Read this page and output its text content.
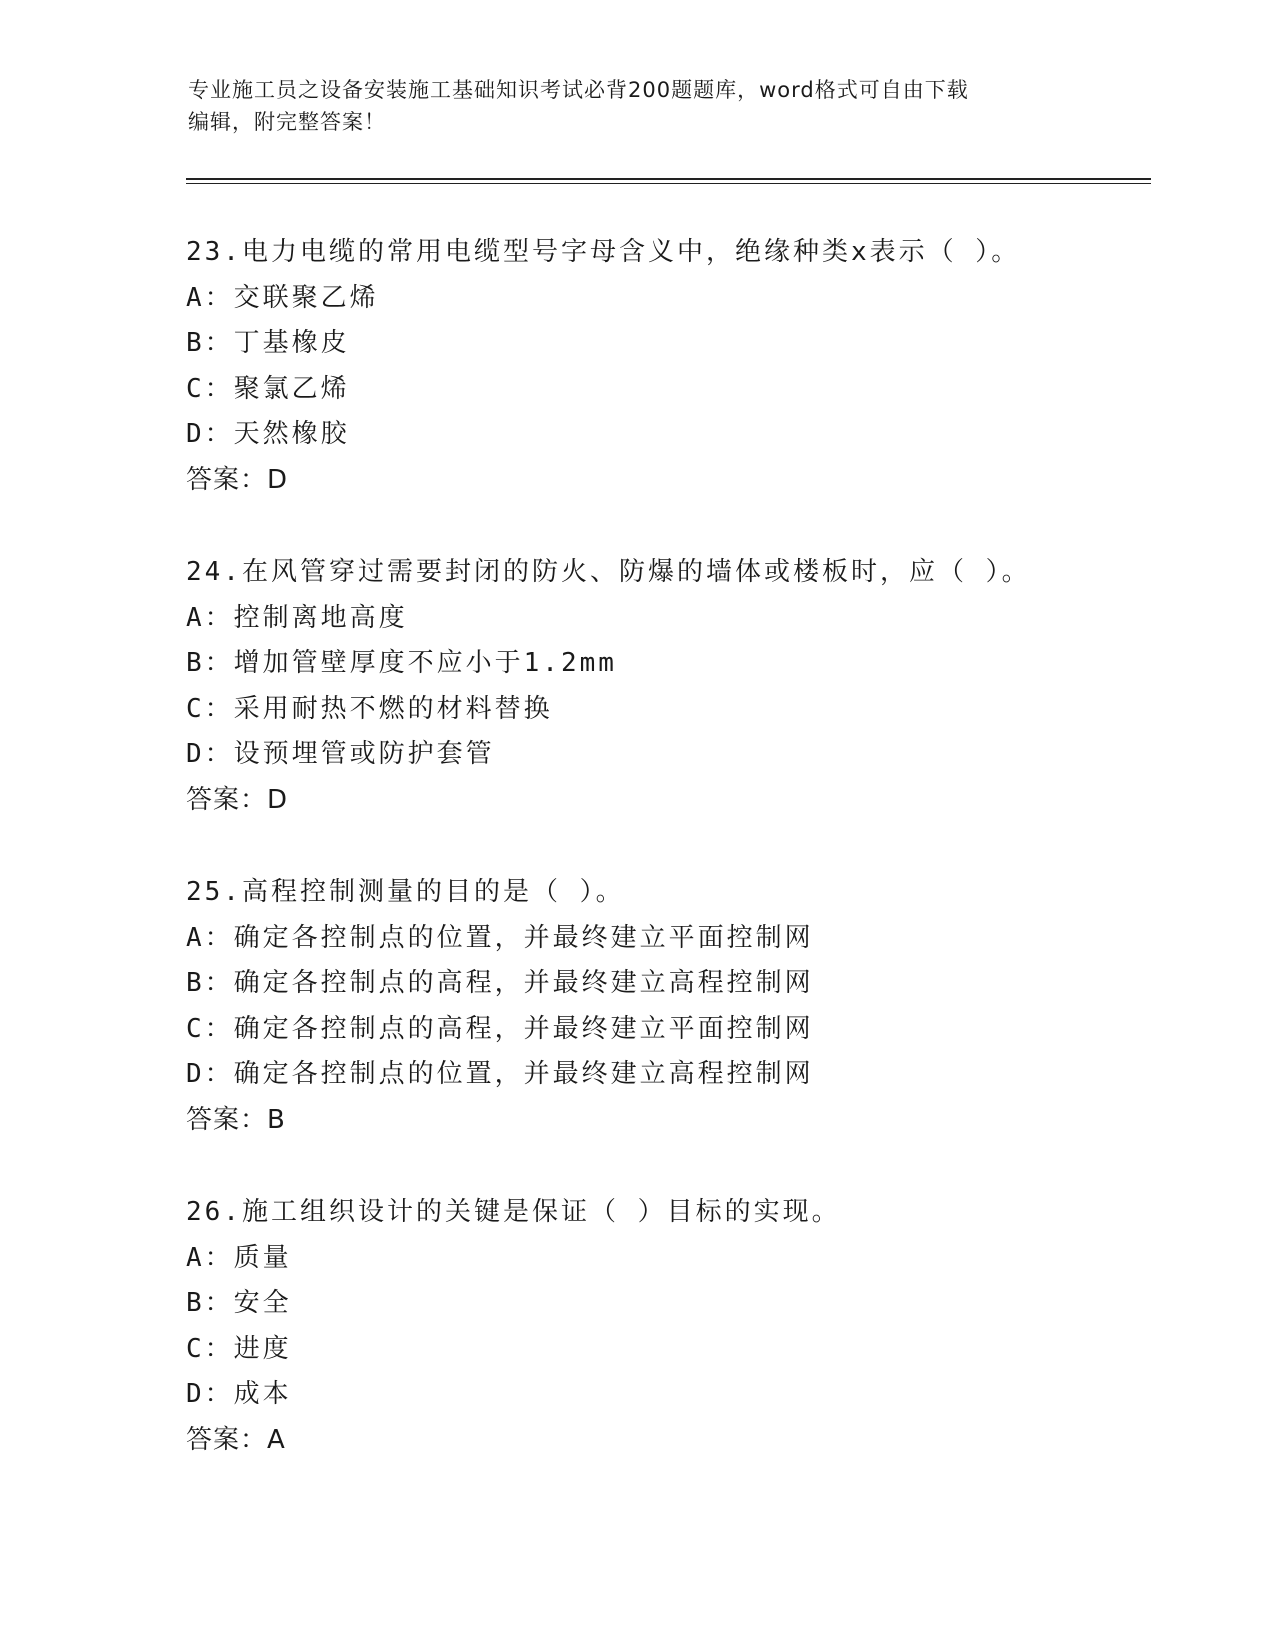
专业施工员之设备安装施工基础知识考试必背200题题库，word格式可自由下载
编辑，附完整答案！
23.电力电缆的常用电缆型号字母含义中，绝缘种类x表示（ ）。
A：交联聚乙烯
B：丁基橡皮
C：聚氯乙烯
D：天然橡胶
答案：D
24.在风管穿过需要封闭的防火、防爆的墙体或楼板时，应（ ）。
A：控制离地高度
B：增加管壁厚度不应小于1.2mm
C：采用耐热不燃的材料替换
D：设预埋管或防护套管
答案：D
25.高程控制测量的目的是（ ）。
A：确定各控制点的位置，并最终建立平面控制网
B：确定各控制点的高程，并最终建立高程控制网
C：确定各控制点的高程，并最终建立平面控制网
D：确定各控制点的位置，并最终建立高程控制网
答案：B
26.施工组织设计的关键是保证（ ）目标的实现。
A：质量
B：安全
C：进度
D：成本
答案：A
